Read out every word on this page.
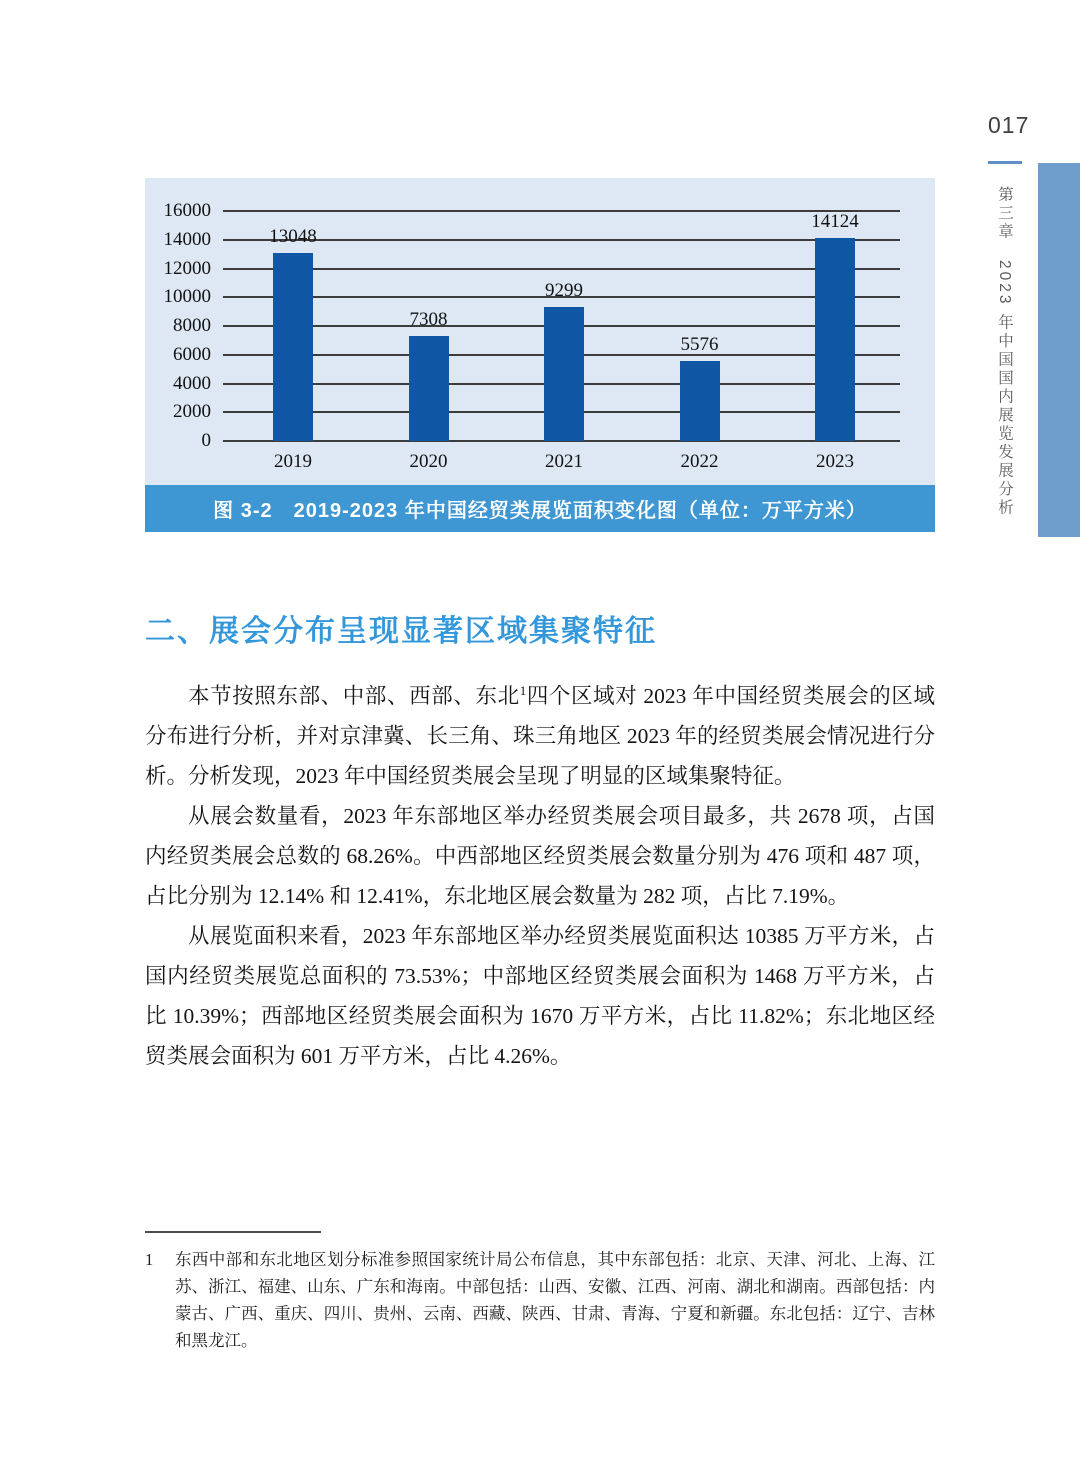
017
第三章　2023 年中国国内展览发展分析
0
2000
4000
6000
8000
10000
12000
14000
16000
13048
2019
7308
2020
9299
2021
5576
2022
14124
2023
图 3-2　2019-2023 年中国经贸类展览面积变化图（单位：万平方米）
二、展会分布呈现显著区域集聚特征

本节按照东部、中部、西部、东北$^1$四个区域对 2023 年中国经贸类展会的区域分布进行分析，并对京津冀、长三角、珠三角地区 2023 年的经贸类展会情况进行分析。分析发现，2023 年中国经贸类展会呈现了明显的区域集聚特征。

从展会数量看，2023 年东部地区举办经贸类展会项目最多，共 2678 项，占国内经贸类展会总数的 68.26%。中西部地区经贸类展会数量分别为 476 项和 487 项，占比分别为 12.14% 和 12.41%，东北地区展会数量为 282 项，占比 7.19%。

从展览面积来看，2023 年东部地区举办经贸类展览面积达 10385 万平方米，占国内经贸类展览总面积的 73.53%；中部地区经贸类展会面积为 1468 万平方米，占比 10.39%；西部地区经贸类展会面积为 1670 万平方米，占比 11.82%；东北地区经贸类展会面积为 601 万平方米，占比 4.26%。

1	东西中部和东北地区划分标准参照国家统计局公布信息，其中东部包括：北京、天津、河北、上海、江苏、浙江、福建、山东、广东和海南。中部包括：山西、安徽、江西、河南、湖北和湖南。西部包括：内蒙古、广西、重庆、四川、贵州、云南、西藏、陕西、甘肃、青海、宁夏和新疆。东北包括：辽宁、吉林和黑龙江。
